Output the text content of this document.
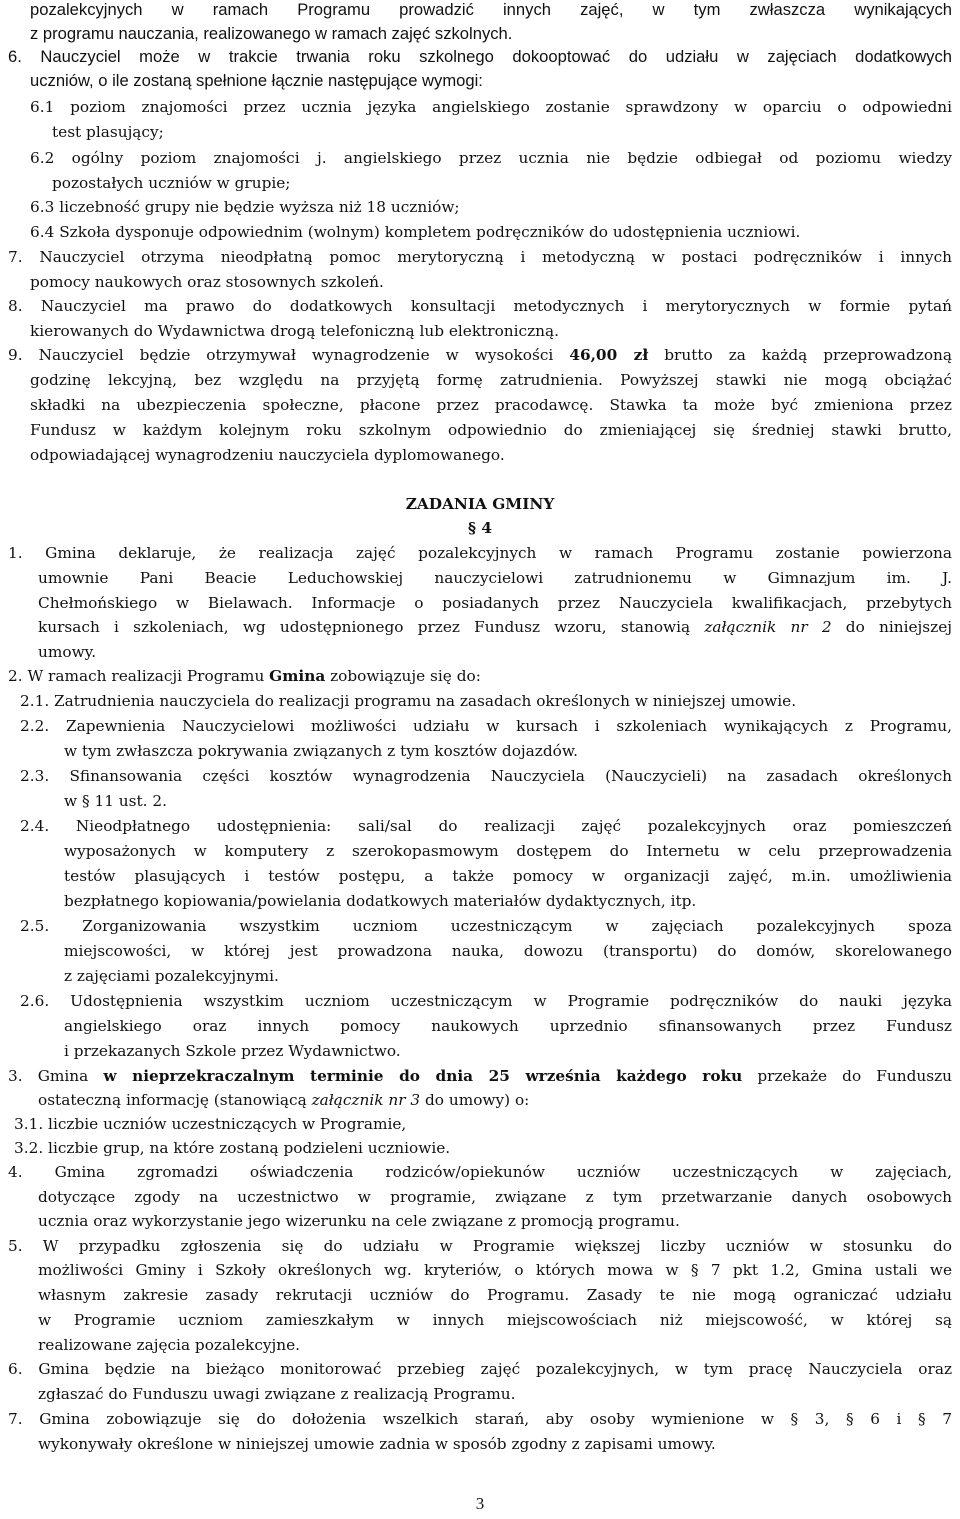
pozalekcyjnych w ramach Programu prowadzić innych zajęć, w tym zwłaszcza wynikających
z programu nauczania, realizowanego w ramach zajęć szkolnych.
6. Nauczyciel może w trakcie trwania roku szkolnego dokooptować do udziału w zajęciach dodatkowych
uczniów, o ile zostaną spełnione łącznie następujące wymogi:
6.1 poziom znajomości przez ucznia języka angielskiego zostanie sprawdzony w oparciu o odpowiedni
test plasujący;
6.2 ogólny poziom znajomości j. angielskiego przez ucznia nie będzie odbiegał od poziomu wiedzy
pozostałych uczniów w grupie;
6.3 liczebność grupy nie będzie wyższa niż 18 uczniów;
6.4 Szkoła dysponuje odpowiednim (wolnym) kompletem podręczników do udostępnienia uczniowi.
7. Nauczyciel otrzyma nieodpłatną pomoc merytoryczną i metodyczną w postaci podręczników i innych
pomocy naukowych oraz stosownych szkoleń.
8. Nauczyciel ma prawo do dodatkowych konsultacji metodycznych i merytorycznych w formie pytań
kierowanych do Wydawnictwa drogą telefoniczną lub elektroniczną.
9. Nauczyciel będzie otrzymywał wynagrodzenie w wysokości 46,00 zł brutto za każdą przeprowadzoną
godzinę lekcyjną, bez względu na przyjętą formę zatrudnienia. Powyższej stawki nie mogą obciążać
składki na ubezpieczenia społeczne, płacone przez pracodawcę. Stawka ta może być zmieniona przez
Fundusz w każdym kolejnym roku szkolnym odpowiednio do zmieniającej się średniej stawki brutto,
odpowiadającej wynagrodzeniu nauczyciela dyplomowanego.
ZADANIA GMINY
§ 4
1. Gmina deklaruje, że realizacja zajęć pozalekcyjnych w ramach Programu zostanie powierzona
umownie Pani Beacie Leduchowskiej nauczycielowi zatrudnionemu w Gimnazjum im. J.
Chełmońskiego w Bielawach. Informacje o posiadanych przez Nauczyciela kwalifikacjach, przebytych
kursach i szkoleniach, wg udostępnionego przez Fundusz wzoru, stanowią załącznik nr 2 do niniejszej
umowy.
2. W ramach realizacji Programu Gmina zobowiązuje się do:
2.1. Zatrudnienia nauczyciela do realizacji programu na zasadach określonych w niniejszej umowie.
2.2. Zapewnienia Nauczycielowi możliwości udziału w kursach i szkoleniach wynikających z Programu,
w tym zwłaszcza pokrywania związanych z tym kosztów dojazdów.
2.3. Sfinansowania części kosztów wynagrodzenia Nauczyciela (Nauczycieli) na zasadach określonych
w § 11 ust. 2.
2.4. Nieodpłatnego udostępnienia: sali/sal do realizacji zajęć pozalekcyjnych oraz pomieszczeń
wyposażonych w komputery z szerokopasmowym dostępem do Internetu w celu przeprowadzenia
testów plasujących i testów postępu, a także pomocy w organizacji zajęć, m.in. umożliwienia
bezpłatnego kopiowania/powielania dodatkowych materiałów dydaktycznych, itp.
2.5. Zorganizowania wszystkim uczniom uczestniczącym w zajęciach pozalekcyjnych spoza
miejscowości, w której jest prowadzona nauka, dowozu (transportu) do domów, skorelowanego
z zajęciami pozalekcyjnymi.
2.6. Udostępnienia wszystkim uczniom uczestniczącym w Programie podręczników do nauki języka
angielskiego oraz innych pomocy naukowych uprzednio sfinansowanych przez Fundusz
i przekazanych Szkole przez Wydawnictwo.
3. Gmina w nieprzekraczalnym terminie do dnia 25 września każdego roku przekaże do Funduszu
ostateczną informację (stanowiącą załącznik nr 3 do umowy) o:
3.1. liczbie uczniów uczestniczących w Programie,
3.2. liczbie grup, na które zostaną podzieleni uczniowie.
4. Gmina zgromadzi oświadczenia rodziców/opiekunów uczniów uczestniczących w zajęciach,
dotyczące zgody na uczestnictwo w programie, związane z tym przetwarzanie danych osobowych
ucznia oraz wykorzystanie jego wizerunku na cele związane z promocją programu.
5. W przypadku zgłoszenia się do udziału w Programie większej liczby uczniów w stosunku do
możliwości Gminy i Szkoły określonych wg. kryteriów, o których mowa w § 7 pkt 1.2, Gmina ustali we
własnym zakresie zasady rekrutacji uczniów do Programu. Zasady te nie mogą ograniczać udziału
w Programie uczniom zamieszkałym w innych miejscowościach niż miejscowość, w której są
realizowane zajęcia pozalekcyjne.
6. Gmina będzie na bieżąco monitorować przebieg zajęć pozalekcyjnych, w tym pracę Nauczyciela oraz
zgłaszać do Funduszu uwagi związane z realizacją Programu.
7. Gmina zobowiązuje się do dołożenia wszelkich starań, aby osoby wymienione w § 3, § 6 i § 7
wykonywały określone w niniejszej umowie zadnia w sposób zgodny z zapisami umowy.
3
